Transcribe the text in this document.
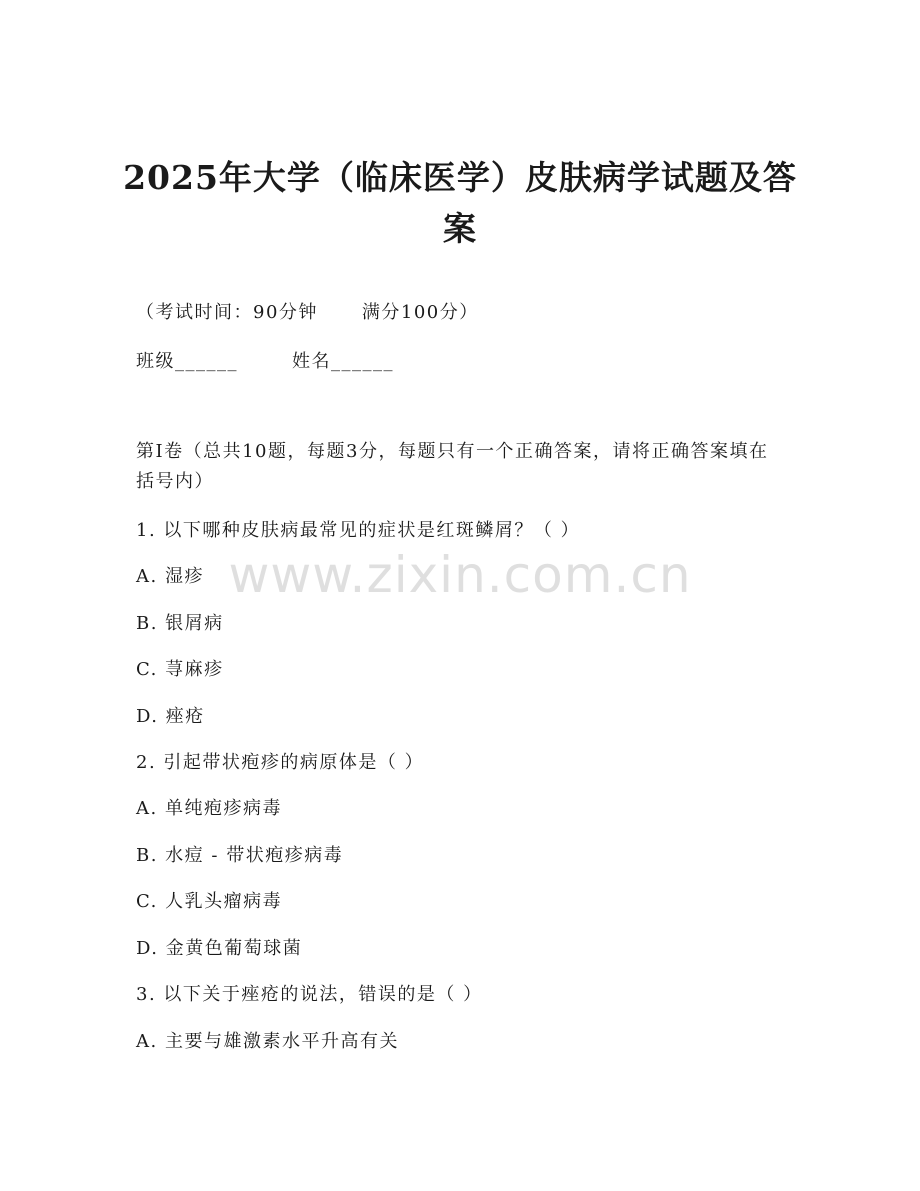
2025年大学（临床医学）皮肤病学试题及答案
（考试时间：90分钟 满分100分）
班级______	姓名______
第I卷（总共10题，每题3分，每题只有一个正确答案，请将正确答案填在括号内）
1. 以下哪种皮肤病最常见的症状是红斑鳞屑？（ ）
A. 湿疹
B. 银屑病
C. 荨麻疹
D. 痤疮
2. 引起带状疱疹的病原体是（ ）
A. 单纯疱疹病毒
B. 水痘 - 带状疱疹病毒
C. 人乳头瘤病毒
D. 金黄色葡萄球菌
3. 以下关于痤疮的说法，错误的是（ ）
A. 主要与雄激素水平升高有关
www.zixin.com.cn
